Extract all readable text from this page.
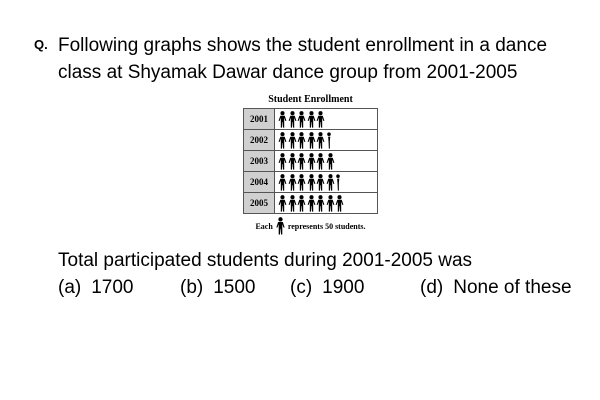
Q. Following graphs shows the student enrollment in a dance
class at Shyamak Dawar dance group from 2001-2005
Student Enrollment
2001
2002
2003
2004
2005
Each represents 50 students.
Total participated students during 2001-2005 was
(a) 1700 (b) 1500 (c) 1900	(d) None of these
